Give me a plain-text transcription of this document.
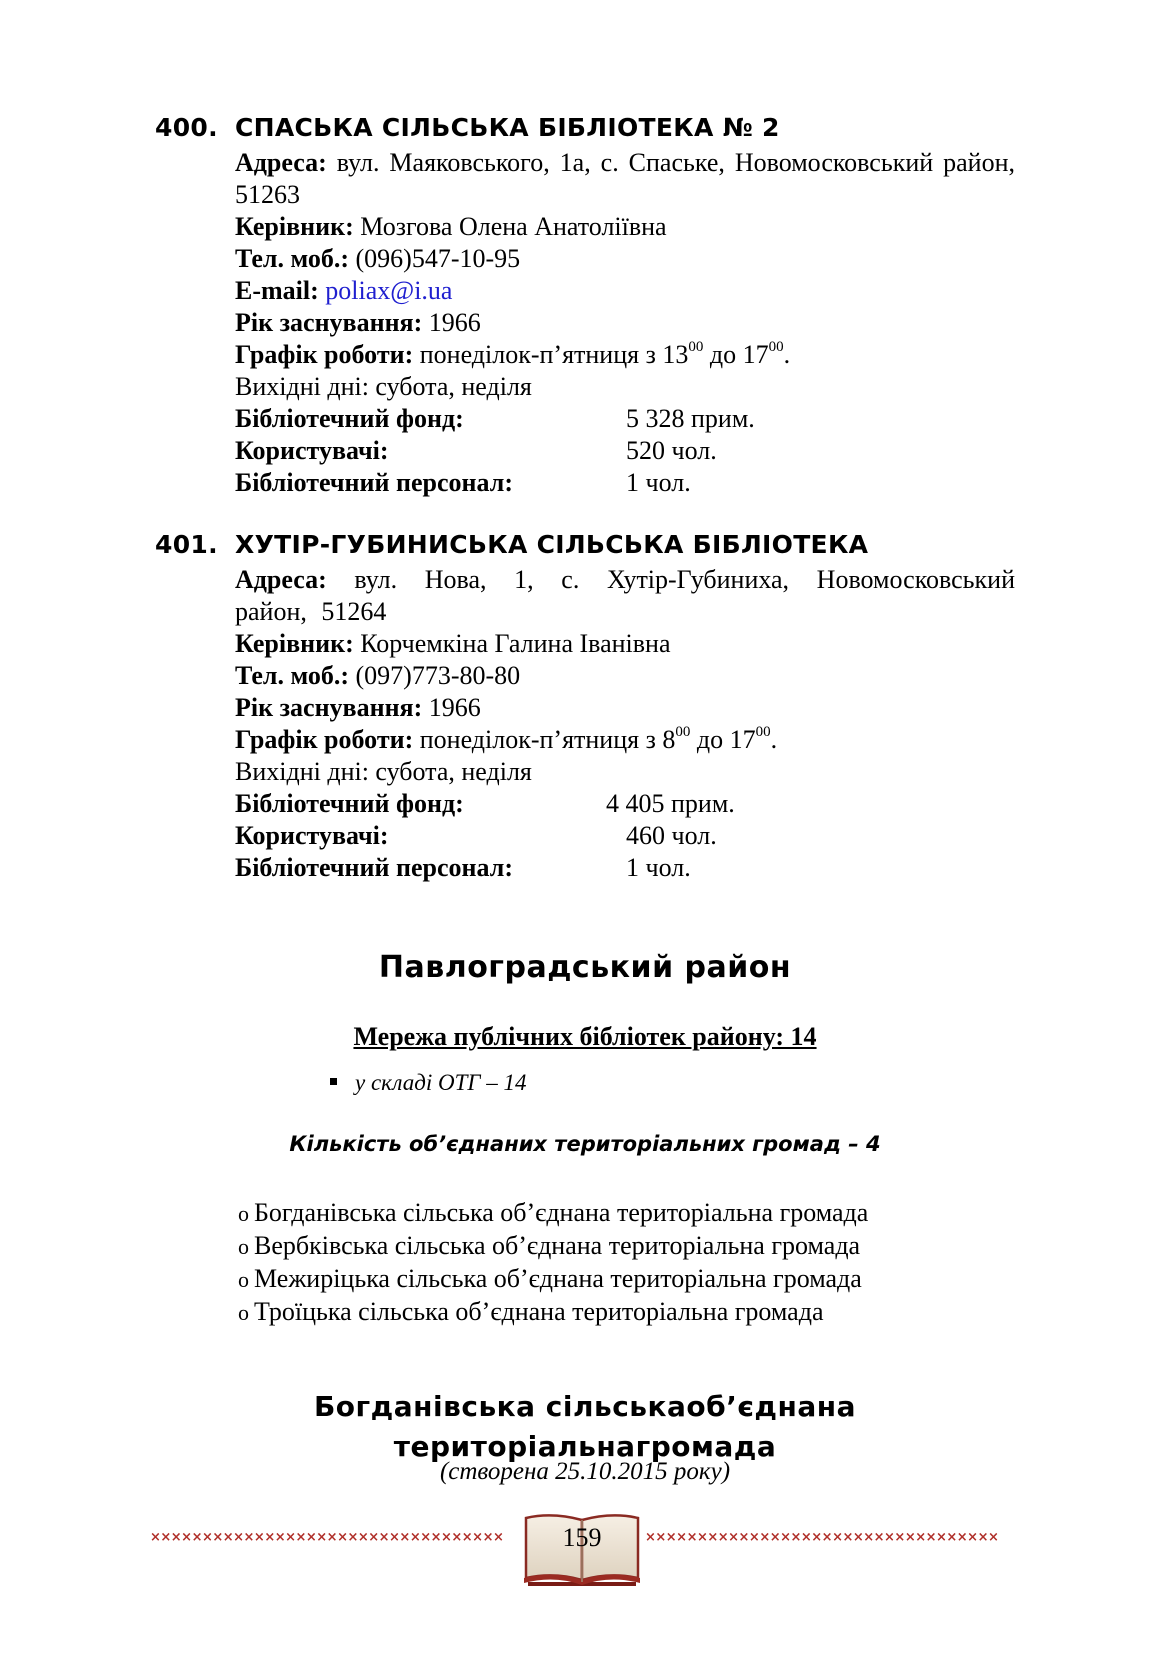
400. СПАСЬКА СІЛЬСЬКА БІБЛІОТЕКА № 2
Адреса: вул. Маяковського, 1а, с. Спаське, Новомосковський район, 51263
Керівник: Мозгова Олена Анатоліївна
Тел. моб.: (096)547-10-95
E-mail: poliax@i.ua
Рік заснування: 1966
Графік роботи: понеділок-п’ятниця з $13^{00}$ до $17^{00}$.
Вихідні дні: субота, неділя
Бібліотечний фонд:	5 328 прим.
Користувачі:	520 чол.
Бібліотечний персонал:	1 чол.
401. ХУТІР-ГУБИНИСЬКА СІЛЬСЬКА БІБЛІОТЕКА
Адреса: вул. Нова, 1, с. Хутір-Губиниха, Новомосковський район, 51264
Керівник: Корчемкіна Галина Іванівна
Тел. моб.: (097)773-80-80
Рік заснування: 1966
Графік роботи: понеділок-п’ятниця з $8^{00}$ до $17^{00}$.
Вихідні дні: субота, неділя
Бібліотечний фонд:	4 405 прим.
Користувачі:	460 чол.
Бібліотечний персонал:	1 чол.
Павлоградський район
Мережа публічних бібліотек району: 14
у складі ОТГ – 14
Кількість об’єднаних територіальних громад – 4
o Богданівська сільська об’єднана територіальна громада
o Вербківська сільська об’єднана територіальна громада
o Межиріцька сільська об’єднана територіальна громада
o Троїцька сільська об’єднана територіальна громада
Богданівська сільськаоб’єднана
територіальнагромада
(створена 25.10.2015 року)
××××××××××××××××××××××××××××××××××	159	××××××××××××××××××××××××××××××××××
